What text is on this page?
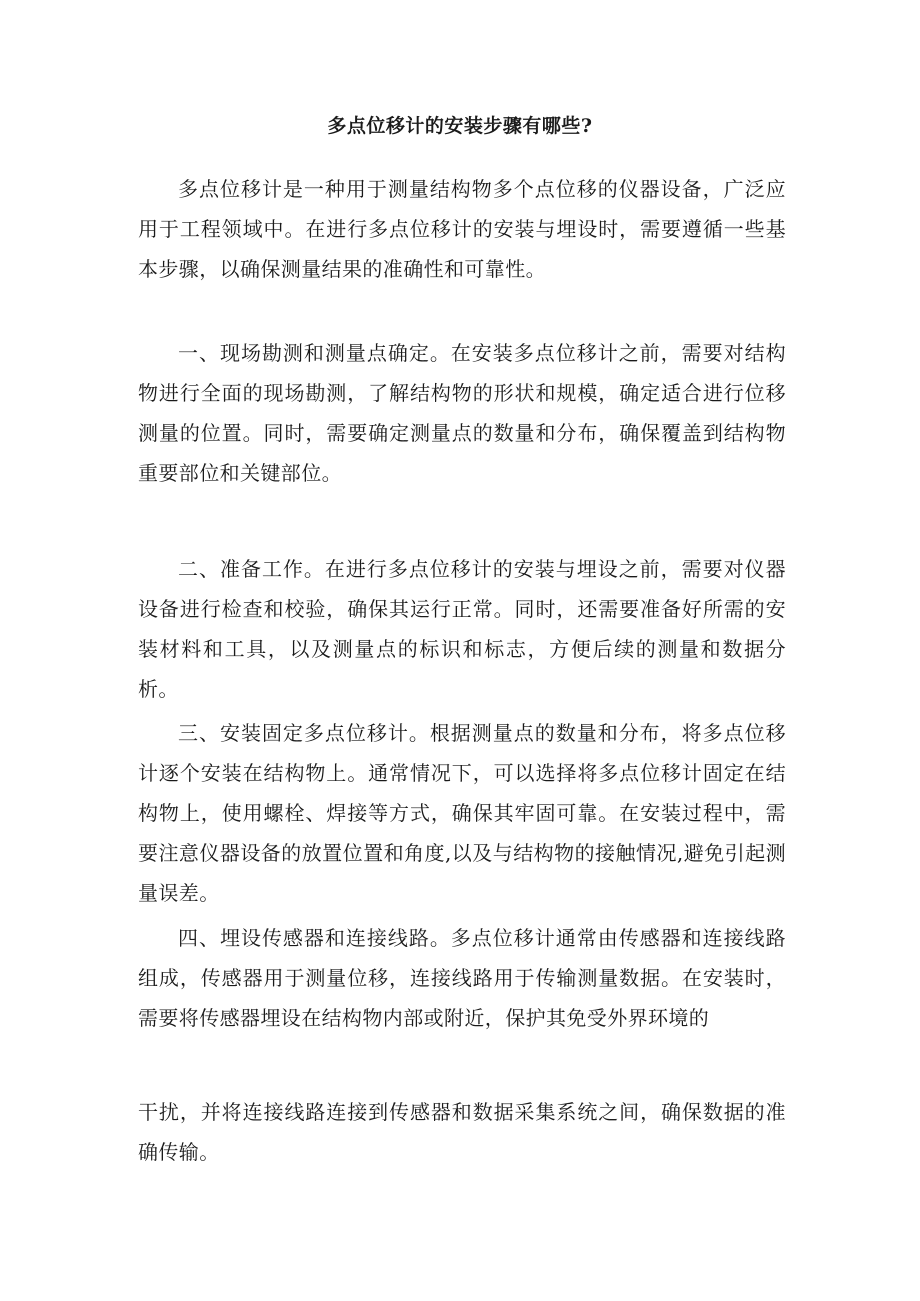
多点位移计的安装步骤有哪些?

多点位移计是一种用于测量结构物多个点位移的仪器设备，广泛应用于工程领域中。在进行多点位移计的安装与埋设时，需要遵循一些基本步骤，以确保测量结果的准确性和可靠性。

一、现场勘测和测量点确定。在安装多点位移计之前，需要对结构物进行全面的现场勘测，了解结构物的形状和规模，确定适合进行位移测量的位置。同时，需要确定测量点的数量和分布，确保覆盖到结构物重要部位和关键部位。

二、准备工作。在进行多点位移计的安装与埋设之前，需要对仪器设备进行检查和校验，确保其运行正常。同时，还需要准备好所需的安装材料和工具，以及测量点的标识和标志，方便后续的测量和数据分析。

三、安装固定多点位移计。根据测量点的数量和分布，将多点位移计逐个安装在结构物上。通常情况下，可以选择将多点位移计固定在结构物上，使用螺栓、焊接等方式，确保其牢固可靠。在安装过程中，需要注意仪器设备的放置位置和角度,以及与结构物的接触情况,避免引起测量误差。

四、埋设传感器和连接线路。多点位移计通常由传感器和连接线路组成，传感器用于测量位移，连接线路用于传输测量数据。在安装时，需要将传感器埋设在结构物内部或附近，保护其免受外界环境的

干扰，并将连接线路连接到传感器和数据采集系统之间，确保数据的准确传输。
